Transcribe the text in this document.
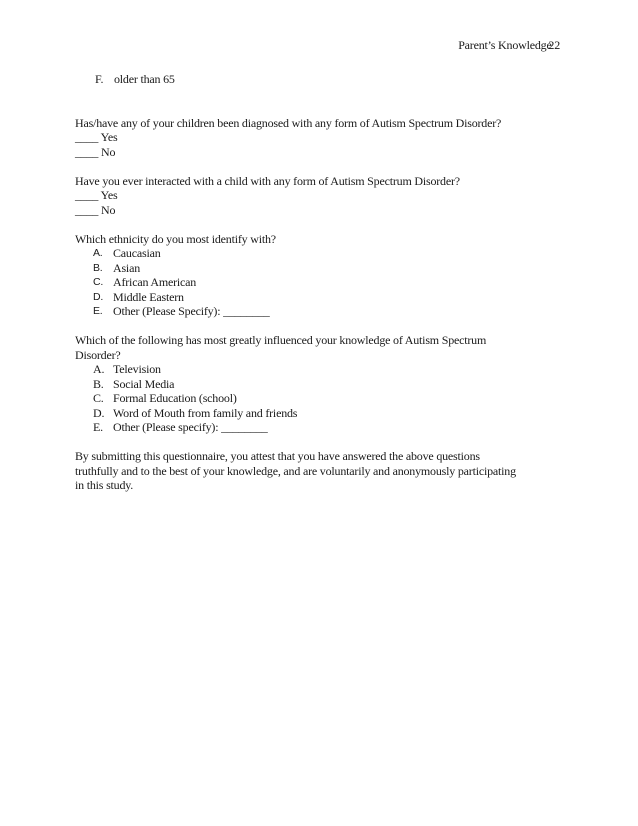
Parent’s Knowledge 22
F. older than 65
Has/have any of your children been diagnosed with any form of Autism Spectrum Disorder?
____ Yes
____ No
Have you ever interacted with a child with any form of Autism Spectrum Disorder?
____ Yes
____ No
Which ethnicity do you most identify with?
A. Caucasian
B. Asian
C. African American
D. Middle Eastern
E. Other (Please Specify): ________
Which of the following has most greatly influenced your knowledge of Autism Spectrum
Disorder?
A. Television
B. Social Media
C. Formal Education (school)
D. Word of Mouth from family and friends
E. Other (Please specify): ________
By submitting this questionnaire, you attest that you have answered the above questions
truthfully and to the best of your knowledge, and are voluntarily and anonymously participating
in this study.
